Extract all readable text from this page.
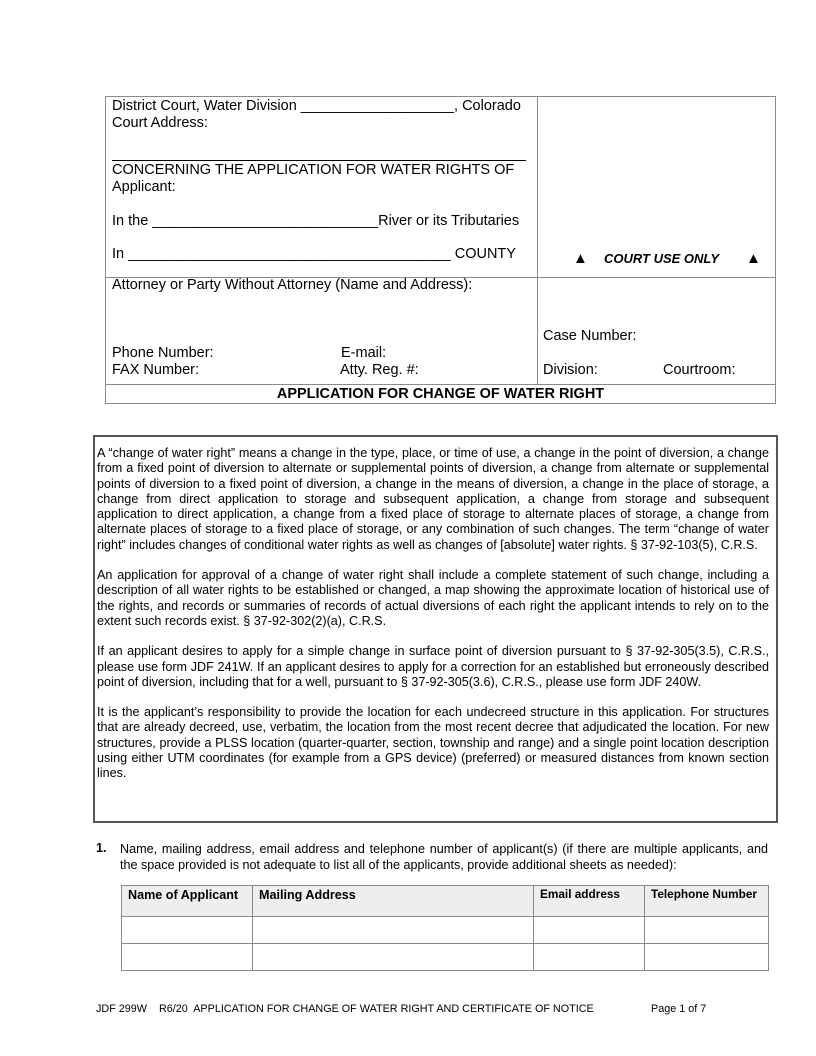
District Court, Water Division ___________________, Colorado
Court Address:
CONCERNING THE APPLICATION FOR WATER RIGHTS OF
Applicant:
In the ____________________________River or its Tributaries
In ________________________________________ COUNTY	▲ COURT USE ONLY ▲
Attorney or Party Without Attorney (Name and Address):
Phone Number:	E-mail:
FAX Number:	Atty. Reg. #:
Case Number:
Division:	Courtroom:
APPLICATION FOR CHANGE OF WATER RIGHT

A “change of water right” means a change in the type, place, or time of use, a change in the point of diversion, a change from a fixed point of diversion to alternate or supplemental points of diversion, a change from alternate or supplemental points of diversion to a fixed point of diversion, a change in the means of diversion, a change in the place of storage, a change from direct application to storage and subsequent application, a change from storage and subsequent application to direct application, a change from a fixed place of storage to alternate places of storage, a change from alternate places of storage to a fixed place of storage, or any combination of such changes. The term “change of water right” includes changes of conditional water rights as well as changes of [absolute] water rights. § 37-92-103(5), C.R.S.

An application for approval of a change of water right shall include a complete statement of such change, including a description of all water rights to be established or changed, a map showing the approximate location of historical use of the rights, and records or summaries of records of actual diversions of each right the applicant intends to rely on to the extent such records exist. § 37-92-302(2)(a), C.R.S.

If an applicant desires to apply for a simple change in surface point of diversion pursuant to § 37-92-305(3.5), C.R.S., please use form JDF 241W. If an applicant desires to apply for a correction for an established but erroneously described point of diversion, including that for a well, pursuant to § 37-92-305(3.6), C.R.S., please use form JDF 240W.

It is the applicant’s responsibility to provide the location for each undecreed structure in this application. For structures that are already decreed, use, verbatim, the location from the most recent decree that adjudicated the location. For new structures, provide a PLSS location (quarter-quarter, section, township and range) and a single point location description using either UTM coordinates (for example from a GPS device) (preferred) or measured distances from known section lines.

1. Name, mailing address, email address and telephone number of applicant(s) (if there are multiple applicants, and the space provided is not adequate to list all of the applicants, provide additional sheets as needed):
Name of Applicant	Mailing Address	Email address	Telephone Number

JDF 299W    R6/20  APPLICATION FOR CHANGE OF WATER RIGHT AND CERTIFICATE OF NOTICE	Page 1 of 7
